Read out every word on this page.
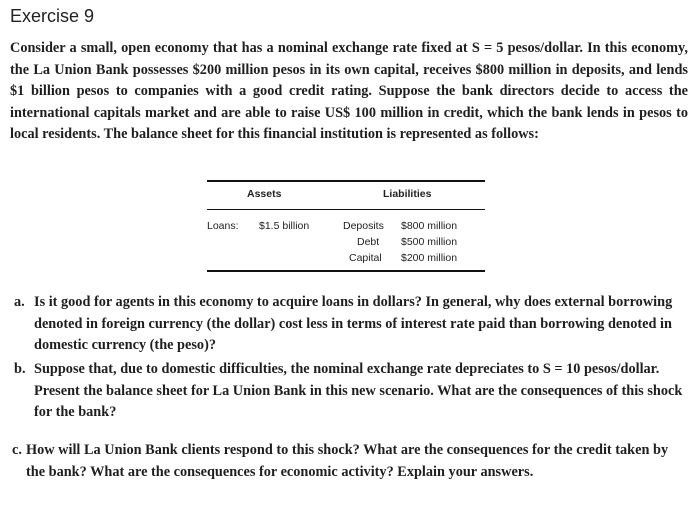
Exercise 9
Consider a small, open economy that has a nominal exchange rate fixed at S = 5 pesos/dollar. In this economy, the La Union Bank possesses $200 million pesos in its own capital, receives $800 million in deposits, and lends $1 billion pesos to companies with a good credit rating. Suppose the bank directors decide to access the international capitals market and are able to raise US$ 100 million in credit, which the bank lends in pesos to local residents. The balance sheet for this financial institution is represented as follows:
Assets	Liabilities
Loans: $1.5 billion	Deposits $800 million
Debt $500 million
Capital $200 million
a. Is it good for agents in this economy to acquire loans in dollars? In general, why does external borrowing denoted in foreign currency (the dollar) cost less in terms of interest rate paid than borrowing denoted in domestic currency (the peso)?
b. Suppose that, due to domestic difficulties, the nominal exchange rate depreciates to S = 10 pesos/dollar. Present the balance sheet for La Union Bank in this new scenario. What are the consequences of this shock for the bank?
c. How will La Union Bank clients respond to this shock? What are the consequences for the credit taken by the bank? What are the consequences for economic activity? Explain your answers.
